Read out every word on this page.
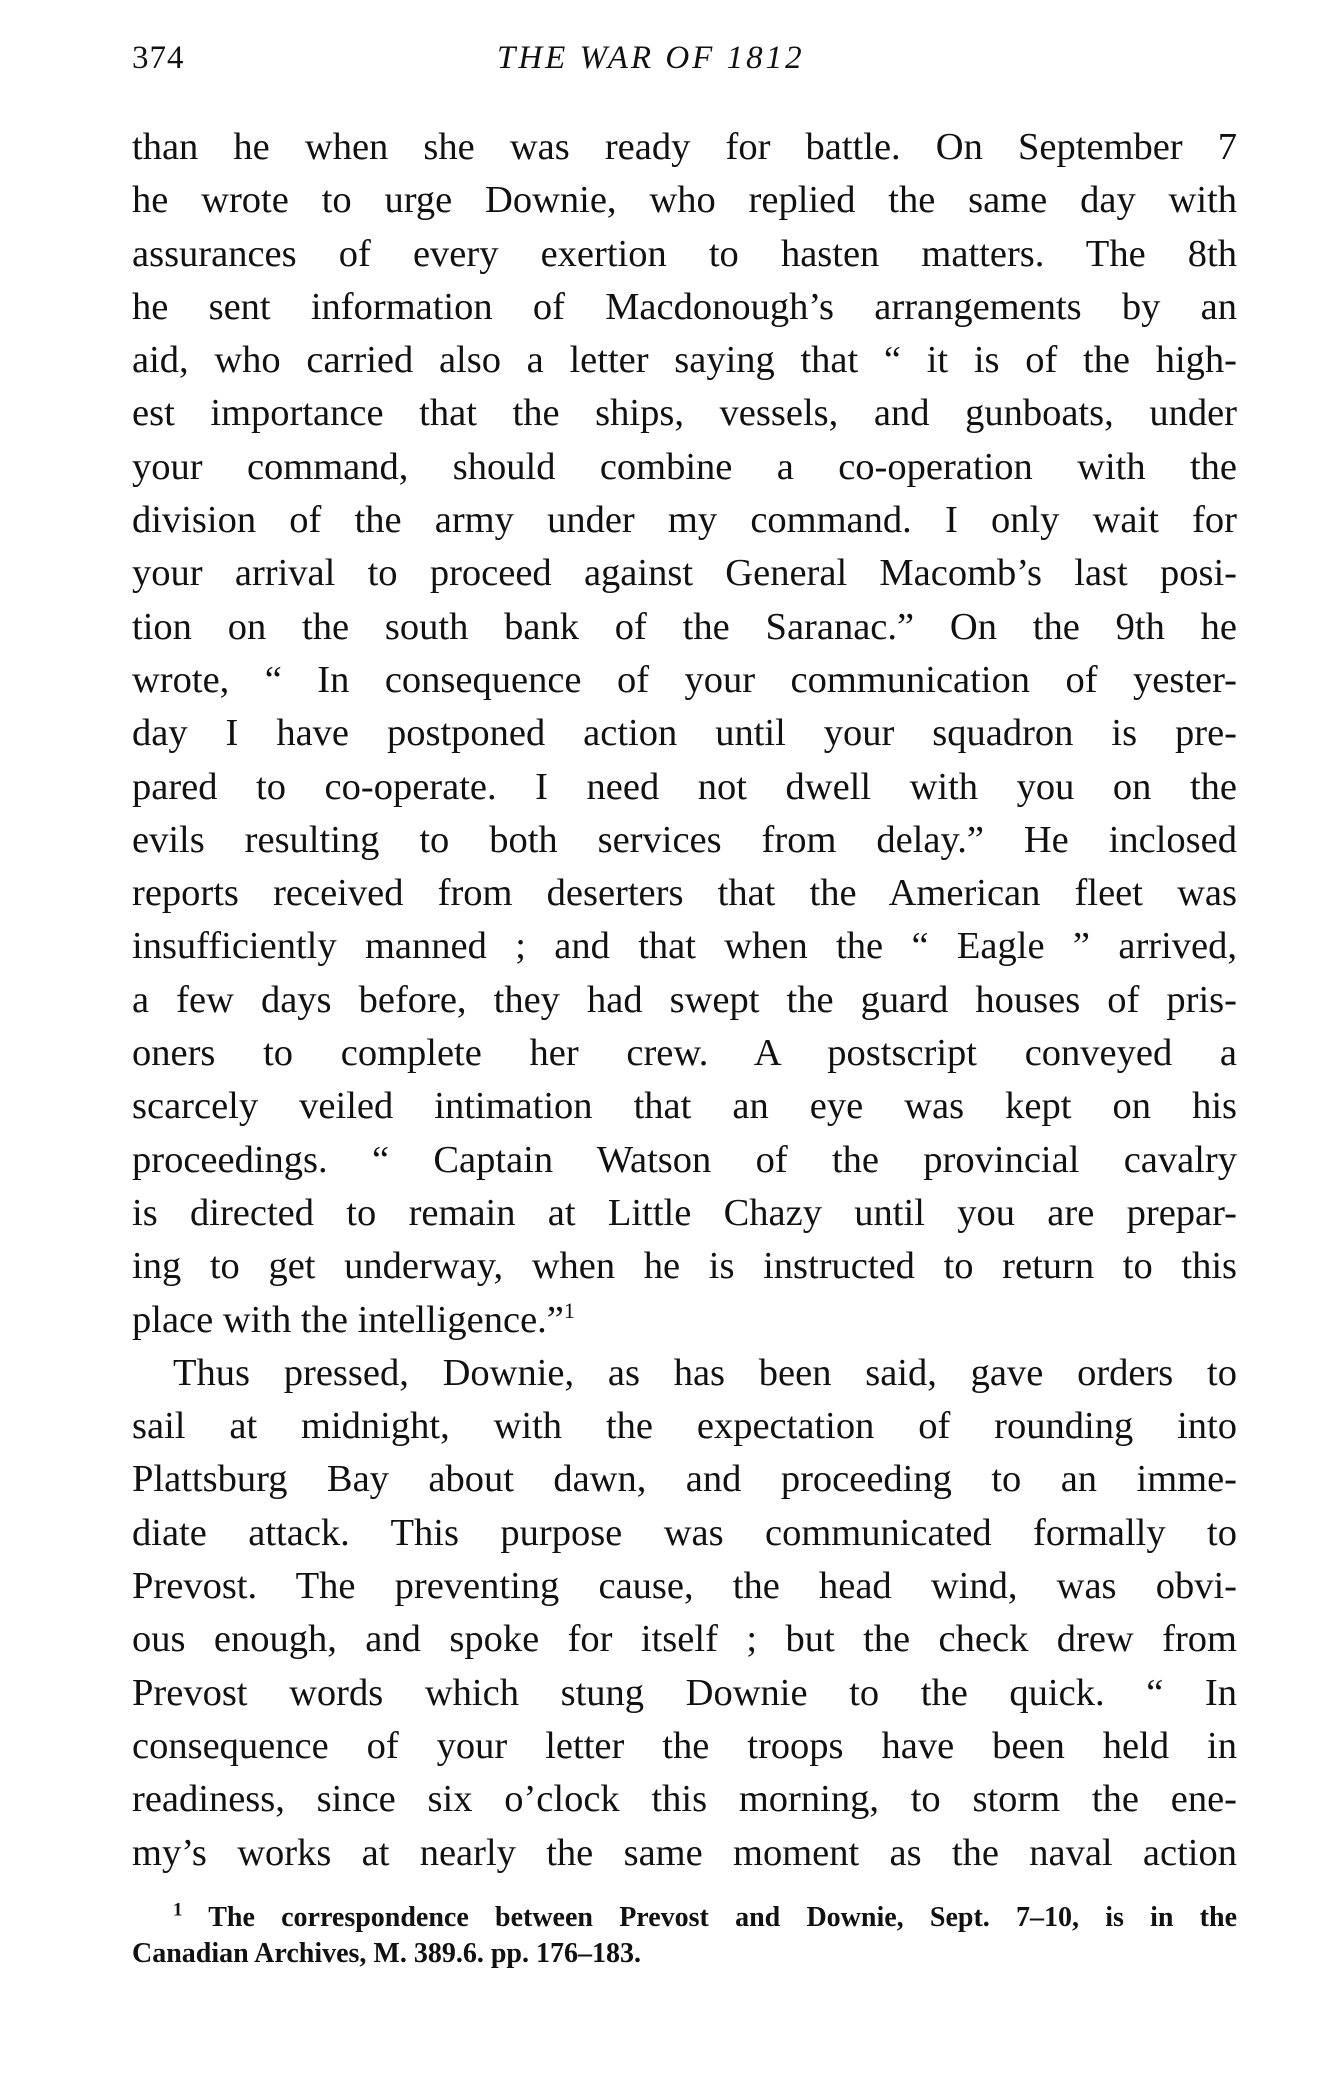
374	THE WAR OF 1812
than he when she was ready for battle. On September 7
he wrote to urge Downie, who replied the same day with
assurances of every exertion to hasten matters. The 8th
he sent information of Macdonough’s arrangements by an
aid, who carried also a letter saying that “ it is of the high-
est importance that the ships, vessels, and gunboats, under
your command, should combine a co-operation with the
division of the army under my command. I only wait for
your arrival to proceed against General Macomb’s last posi-
tion on the south bank of the Saranac.” On the 9th he
wrote, “ In consequence of your communication of yester-
day I have postponed action until your squadron is pre-
pared to co-operate. I need not dwell with you on the
evils resulting to both services from delay.” He inclosed
reports received from deserters that the American fleet was
insufficiently manned ; and that when the “ Eagle ” arrived,
a few days before, they had swept the guard houses of pris-
oners to complete her crew. A postscript conveyed a
scarcely veiled intimation that an eye was kept on his
proceedings. “ Captain Watson of the provincial cavalry
is directed to remain at Little Chazy until you are prepar-
ing to get underway, when he is instructed to return to this
place with the intelligence.”$^1$
Thus pressed, Downie, as has been said, gave orders to
sail at midnight, with the expectation of rounding into
Plattsburg Bay about dawn, and proceeding to an imme-
diate attack. This purpose was communicated formally to
Prevost. The preventing cause, the head wind, was obvi-
ous enough, and spoke for itself ; but the check drew from
Prevost words which stung Downie to the quick. “ In
consequence of your letter the troops have been held in
readiness, since six o’clock this morning, to storm the ene-
my’s works at nearly the same moment as the naval action
$^1$ The correspondence between Prevost and Downie, Sept. 7–10, is in the
Canadian Archives, M. 389.6. pp. 176–183.
